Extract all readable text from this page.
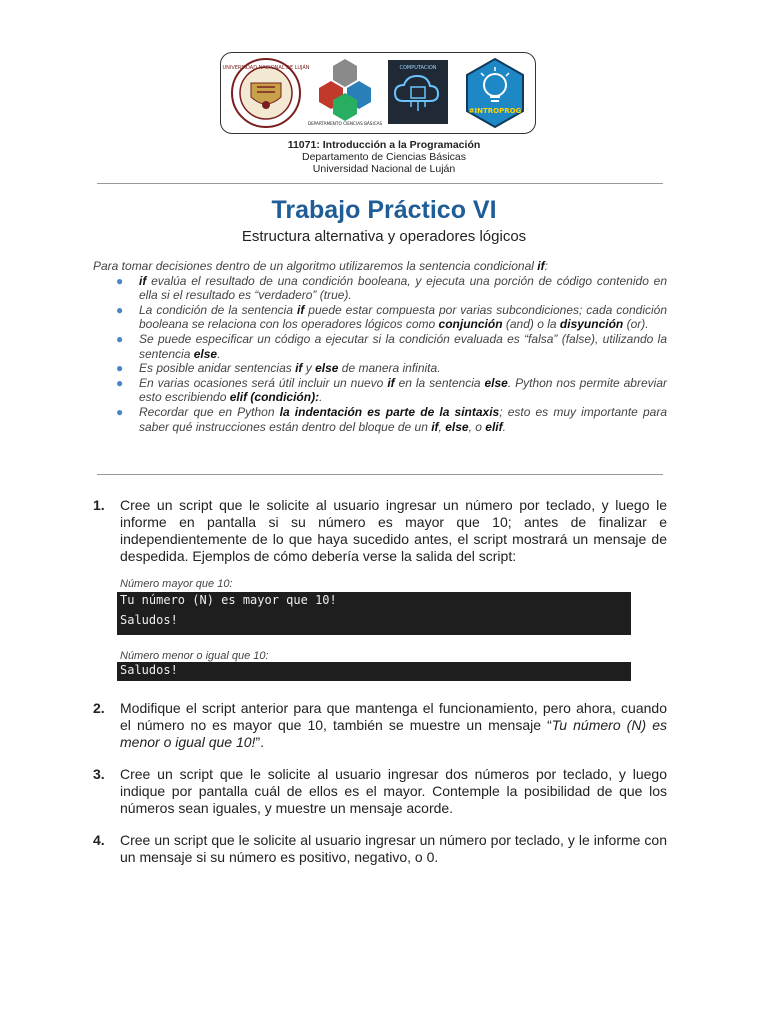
UNIVERSIDAD NACIONAL DE LUJÁN
DEPARTAMENTO CIENCIAS BÁSICAS
COMPUTACION
#INTROPROG
11071: Introducción a la Programación
Departamento de Ciencias Básicas
Universidad Nacional de Luján
Trabajo Práctico VI
Estructura alternativa y operadores lógicos

Para tomar decisiones dentro de un algoritmo utilizaremos la sentencia condicional if:

● if evalúa el resultado de una condición booleana, y ejecuta una porción de código contenido en ella si el resultado es “verdadero” (true).
● La condición de la sentencia if puede estar compuesta por varias subcondiciones; cada condición booleana se relaciona con los operadores lógicos como conjunción (and) o la disyunción (or).
● Se puede especificar un código a ejecutar si la condición evaluada es “falsa” (false), utilizando la sentencia else.
● Es posible anidar sentencias if y else de manera infinita.
● En varias ocasiones será útil incluir un nuevo if en la sentencia else. Python nos permite abreviar esto escribiendo elif (condición):.
● Recordar que en Python la indentación es parte de la sintaxis; esto es muy importante para saber qué instrucciones están dentro del bloque de un if, else, o elif.
1. Cree un script que le solicite al usuario ingresar un número por teclado, y luego le informe en pantalla si su número es mayor que 10; antes de finalizar e independientemente de lo que haya sucedido antes, el script mostrará un mensaje de despedida. Ejemplos de cómo debería verse la salida del script:
Número mayor que 10:
Tu número (N) es mayor que 10!
Saludos!
Número menor o igual que 10:
Saludos!
2. Modifique el script anterior para que mantenga el funcionamiento, pero ahora, cuando el número no es mayor que 10, también se muestre un mensaje “Tu número (N) es menor o igual que 10!”.
3. Cree un script que le solicite al usuario ingresar dos números por teclado, y luego indique por pantalla cuál de ellos es el mayor. Contemple la posibilidad de que los números sean iguales, y muestre un mensaje acorde.
4. Cree un script que le solicite al usuario ingresar un número por teclado, y le informe con un mensaje si su número es positivo, negativo, o 0.
